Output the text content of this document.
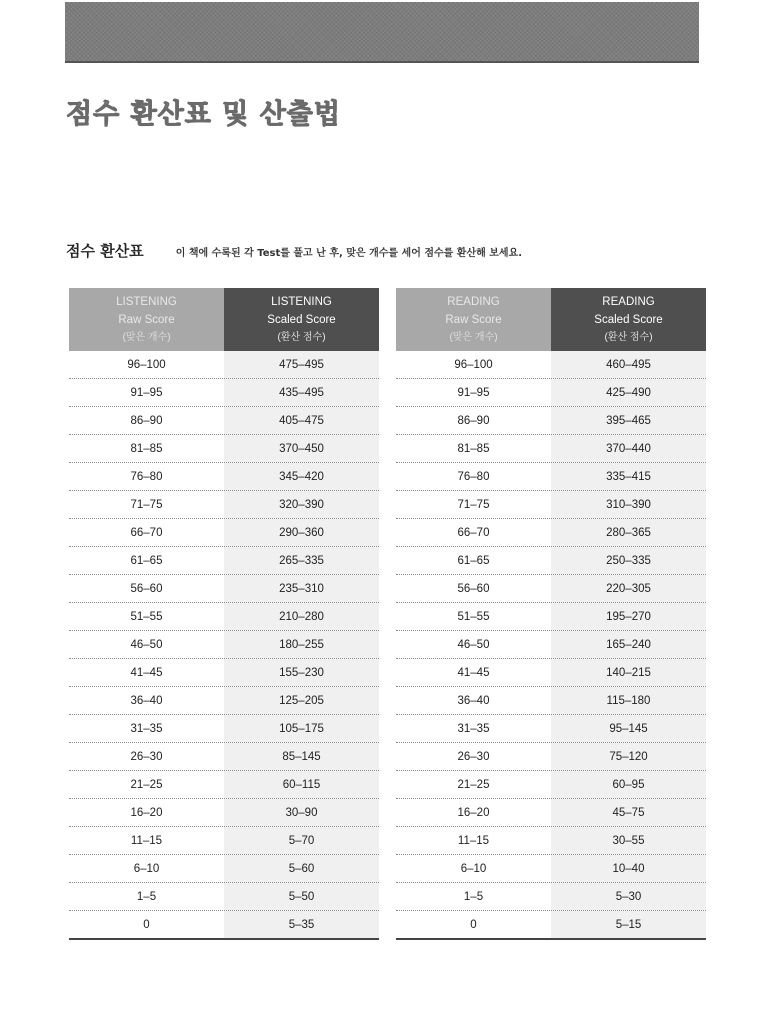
점수 환산표 및 산출법
점수 환산표	이 책에 수록된 각 Test를 풀고 난 후, 맞은 개수를 세어 점수를 환산해 보세요.
LISTENING
Raw Score
(맞은 개수)
LISTENING
Scaled Score
(환산 점수)
96–100	475–495
91–95	435–495
86–90	405–475
81–85	370–450
76–80	345–420
71–75	320–390
66–70	290–360
61–65	265–335
56–60	235–310
51–55	210–280
46–50	180–255
41–45	155–230
36–40	125–205
31–35	105–175
26–30	85–145
21–25	60–115
16–20	30–90
11–15	5–70
6–10	5–60
1–5	5–50
0	5–35
READING
Raw Score
(맞은 개수)
READING
Scaled Score
(환산 점수)
96–100	460–495
91–95	425–490
86–90	395–465
81–85	370–440
76–80	335–415
71–75	310–390
66–70	280–365
61–65	250–335
56–60	220–305
51–55	195–270
46–50	165–240
41–45	140–215
36–40	115–180
31–35	95–145
26–30	75–120
21–25	60–95
16–20	45–75
11–15	30–55
6–10	10–40
1–5	5–30
0	5–15
